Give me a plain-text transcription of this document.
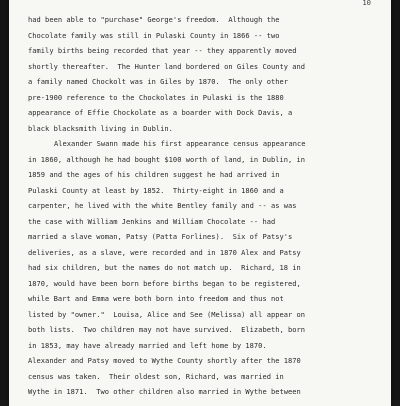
10
had been able to "purchase" George's freedom.  Although the
Chocolate family was still in Pulaski County in 1866 -- two
family births being recorded that year -- they apparently moved
shortly thereafter.  The Hunter land bordered on Giles County and
a family named Chockolt was in Giles by 1870.  The only other
pre-1900 reference to the Chockolates in Pulaski is the 1880
appearance of Effie Chockolate as a boarder with Dock Davis, a
black blacksmith living in Dublin.
Alexander Swann made his first appearance census appearance
in 1860, although he had bought $100 worth of land, in Dublin, in
1859 and the ages of his children suggest he had arrived in
Pulaski County at least by 1852.  Thirty-eight in 1860 and a
carpenter, he lived with the white Bentley family and -- as was
the case with William Jenkins and William Chocolate -- had
married a slave woman, Patsy (Patta Forlines).  Six of Patsy's
deliveries, as a slave, were recorded and in 1870 Alex and Patsy
had six children, but the names do not match up.  Richard, 18 in
1870, would have been born before births began to be registered,
while Bart and Emma were both born into freedom and thus not
listed by "owner."  Louisa, Alice and See (Melissa) all appear on
both lists.  Two children may not have survived.  Elizabeth, born
in 1853, may have already married and left home by 1870.
Alexander and Patsy moved to Wythe County shortly after the 1870
census was taken.  Their oldest son, Richard, was married in
Wythe in 1871.  Two other children also married in Wythe between
